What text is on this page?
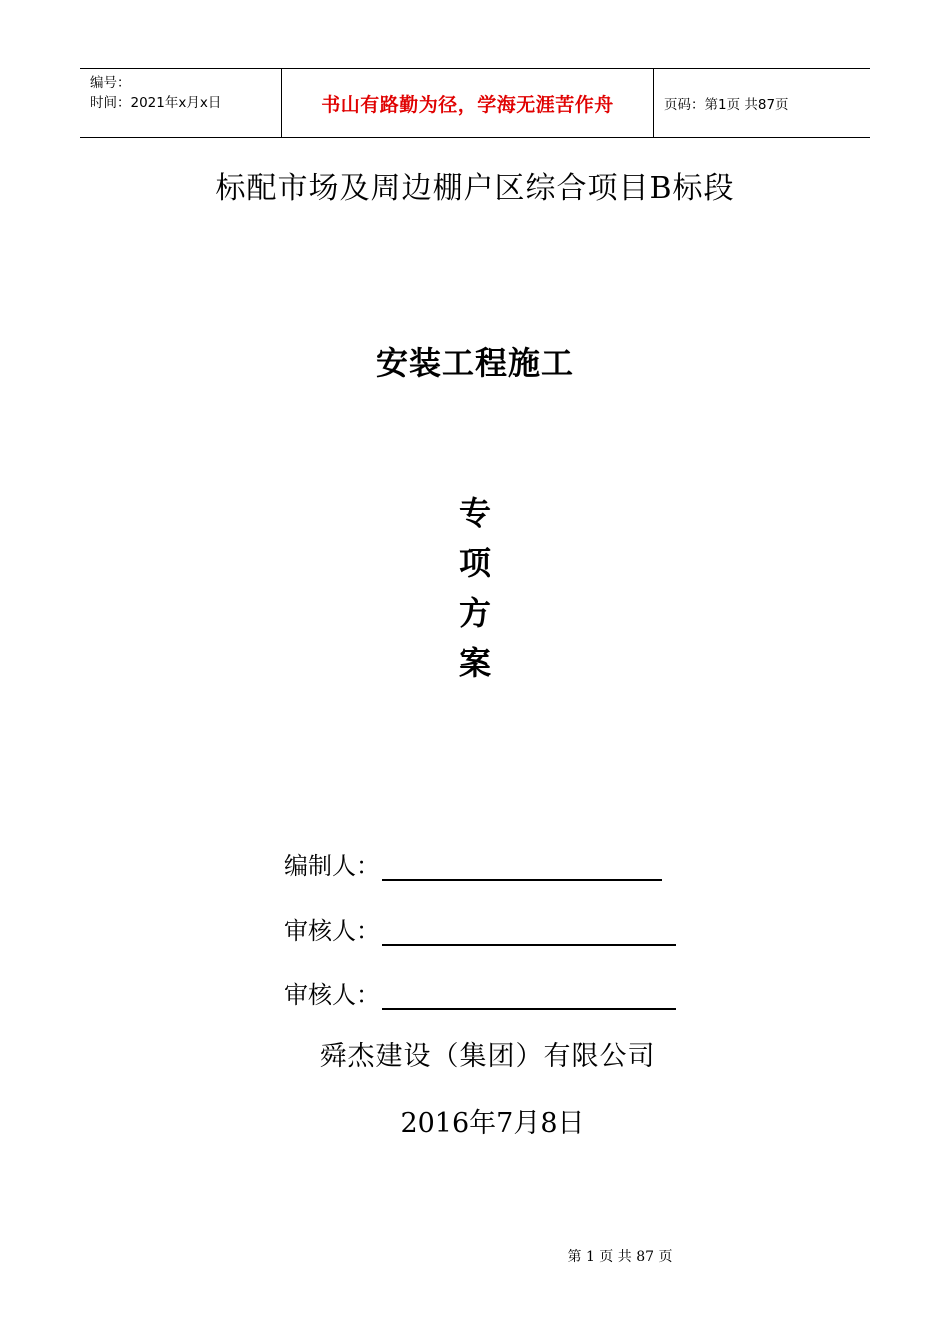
编号：
时间：2021年x月x日	书山有路勤为径，学海无涯苦作舟	页码：第1页 共87页
标配市场及周边棚户区综合项目B标段
安装工程施工
专
项
方
案
编制人：
审核人：
审核人：
舜杰建设（集团）有限公司
2016年7月8日
第 1 页 共 87 页
